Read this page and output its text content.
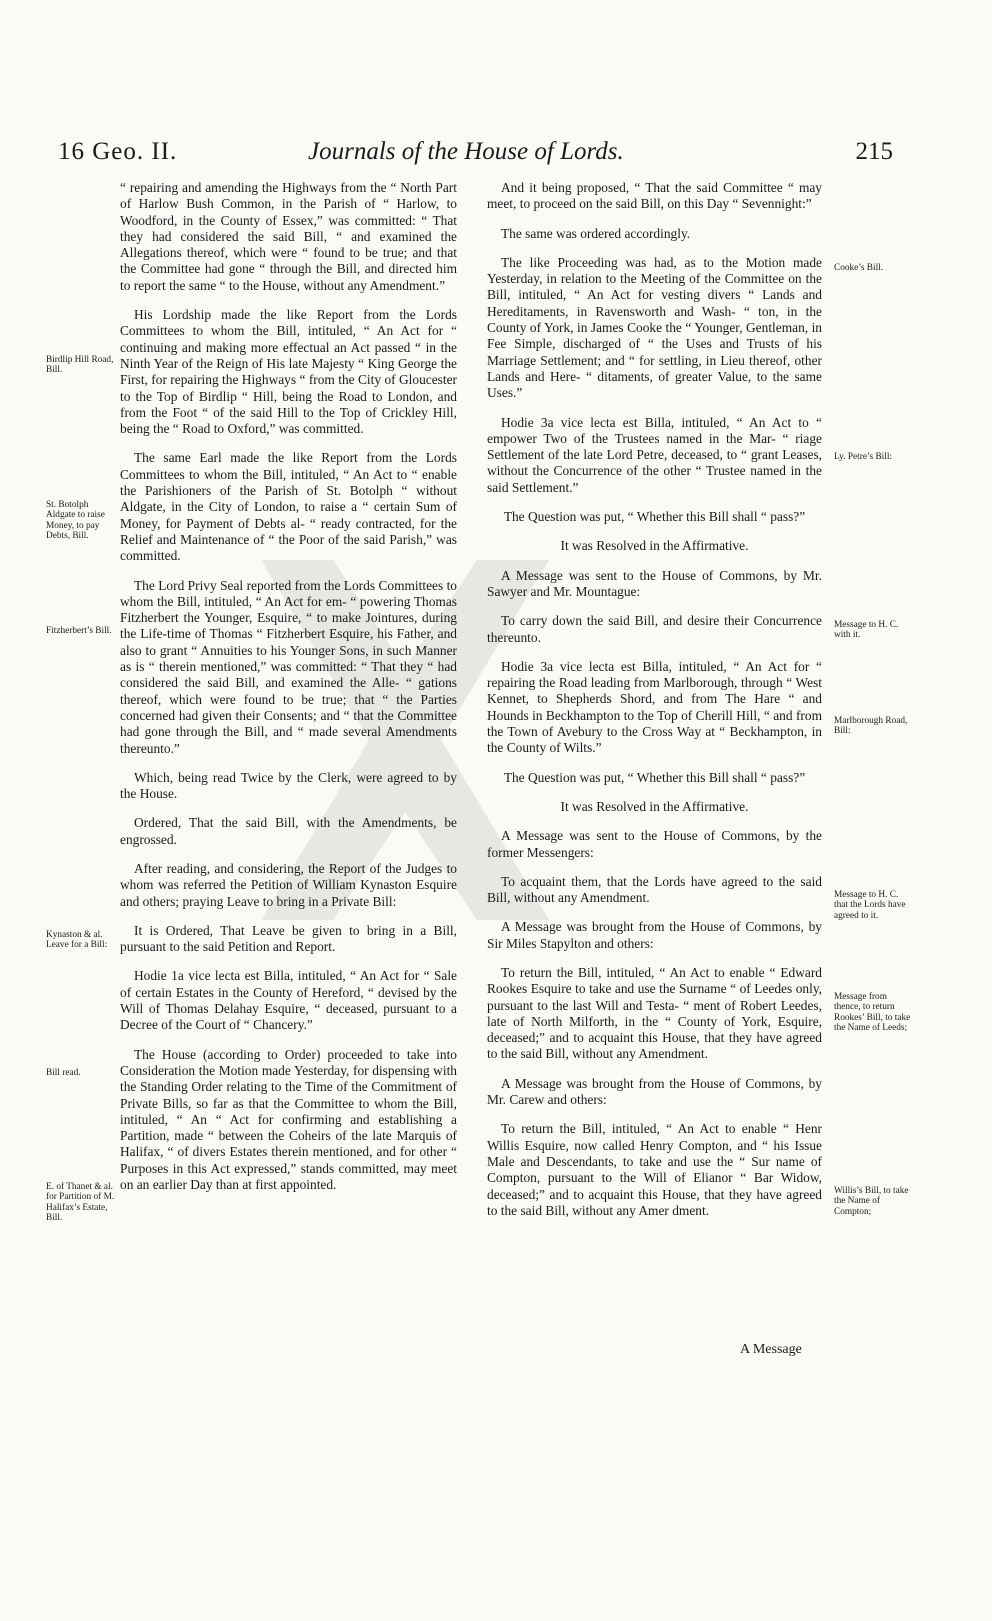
16 Geo. II.	Journals of the House of Lords.	215

“ repairing and amending the Highways from the “ North Part of Harlow Bush Common, in the Parish of “ Harlow, to Woodford, in the County of Essex,” was committed: “ That they had considered the said Bill, “ and examined the Allegations thereof, which were “ found to be true; and that the Committee had gone “ through the Bill, and directed him to report the same “ to the House, without any Amendment.”

His Lordship made the like Report from the Lords Committees to whom the Bill, intituled, “ An Act for “ continuing and making more effectual an Act passed “ in the Ninth Year of the Reign of His late Majesty “ King George the First, for repairing the Highways “ from the City of Gloucester to the Top of Birdlip “ Hill, being the Road to London, and from the Foot “ of the said Hill to the Top of Crickley Hill, being the “ Road to Oxford,” was committed.

The same Earl made the like Report from the Lords Committees to whom the Bill, intituled, “ An Act to “ enable the Parishioners of the Parish of St. Botolph “ without Aldgate, in the City of London, to raise a “ certain Sum of Money, for Payment of Debts al- “ ready contracted, for the Relief and Maintenance of “ the Poor of the said Parish,” was committed.

The Lord Privy Seal reported from the Lords Committees to whom the Bill, intituled, “ An Act for em- “ powering Thomas Fitzherbert the Younger, Esquire, “ to make Jointures, during the Life-time of Thomas “ Fitzherbert Esquire, his Father, and also to grant “ Annuities to his Younger Sons, in such Manner as is “ therein mentioned,” was committed: “ That they “ had considered the said Bill, and examined the Alle- “ gations thereof, which were found to be true; that “ the Parties concerned had given their Consents; and “ that the Committee had gone through the Bill, and “ made several Amendments thereunto.”

Which, being read Twice by the Clerk, were agreed to by the House.

Ordered, That the said Bill, with the Amendments, be engrossed.

After reading, and considering, the Report of the Judges to whom was referred the Petition of William Kynaston Esquire and others; praying Leave to bring in a Private Bill:

It is Ordered, That Leave be given to bring in a Bill, pursuant to the said Petition and Report.

Hodie 1a vice lecta est Billa, intituled, “ An Act for “ Sale of certain Estates in the County of Hereford, “ devised by the Will of Thomas Delahay Esquire, “ deceased, pursuant to a Decree of the Court of “ Chancery.”

The House (according to Order) proceeded to take into Consideration the Motion made Yesterday, for dispensing with the Standing Order relating to the Time of the Commitment of Private Bills, so far as that the Committee to whom the Bill, intituled, “ An “ Act for confirming and establishing a Partition, made “ between the Coheirs of the late Marquis of Halifax, “ of divers Estates therein mentioned, and for other “ Purposes in this Act expressed,” stands committed, may meet on an earlier Day than at first appointed.

And it being proposed, “ That the said Committee “ may meet, to proceed on the said Bill, on this Day “ Sevennight:”

The same was ordered accordingly.

The like Proceeding was had, as to the Motion made Yesterday, in relation to the Meeting of the Committee on the Bill, intituled, “ An Act for vesting divers “ Lands and Hereditaments, in Ravensworth and Wash- “ ton, in the County of York, in James Cooke the “ Younger, Gentleman, in Fee Simple, discharged of “ the Uses and Trusts of his Marriage Settlement; and “ for settling, in Lieu thereof, other Lands and Here- “ ditaments, of greater Value, to the same Uses.”

Hodie 3a vice lecta est Billa, intituled, “ An Act to “ empower Two of the Trustees named in the Mar- “ riage Settlement of the late Lord Petre, deceased, to “ grant Leases, without the Concurrence of the other “ Trustee named in the said Settlement.”

The Question was put, “ Whether this Bill shall “ pass?”

It was Resolved in the Affirmative.

A Message was sent to the House of Commons, by Mr. Sawyer and Mr. Mountague:

To carry down the said Bill, and desire their Concurrence thereunto.

Hodie 3a vice lecta est Billa, intituled, “ An Act for “ repairing the Road leading from Marlborough, through “ West Kennet, to Shepherds Shord, and from The Hare “ and Hounds in Beckhampton to the Top of Cherill Hill, “ and from the Town of Avebury to the Cross Way at “ Beckhampton, in the County of Wilts.”

The Question was put, “ Whether this Bill shall “ pass?”

It was Resolved in the Affirmative.

A Message was sent to the House of Commons, by the former Messengers:

To acquaint them, that the Lords have agreed to the said Bill, without any Amendment.

A Message was brought from the House of Commons, by Sir Miles Stapylton and others:

To return the Bill, intituled, “ An Act to enable “ Edward Rookes Esquire to take and use the Surname “ of Leedes only, pursuant to the last Will and Testa- “ ment of Robert Leedes, late of North Milforth, in the “ County of York, Esquire, deceased;” and to acquaint this House, that they have agreed to the said Bill, without any Amendment.

A Message was brought from the House of Commons, by Mr. Carew and others:

To return the Bill, intituled, “ An Act to enable “ Henr Willis Esquire, now called Henry Compton, and “ his Issue Male and Descendants, to take and use the “ Sur name of Compton, pursuant to the Will of Elianor “ Bar Widow, deceased;” and to acquaint this House, that they have agreed to the said Bill, without any Amer dment.

Birdlip Hill Road, Bill.
St. Botolph Aldgate to raise Money, to pay Debts, Bill.
Fitzherbert’s Bill.
Kynaston & al. Leave for a Bill:
Bill read.
E. of Thanet & al. for Partition of M. Halifax’s Estate, Bill.
Cooke’s Bill.
Ly. Petre’s Bill:
Message to H. C. with it.
Marlborough Road, Bill:
Message to H. C. that the Lords have agreed to it.
Message from thence, to return Rookes’ Bill, to take the Name of Leeds;
Willis’s Bill, to take the Name of Compton;
A Message
